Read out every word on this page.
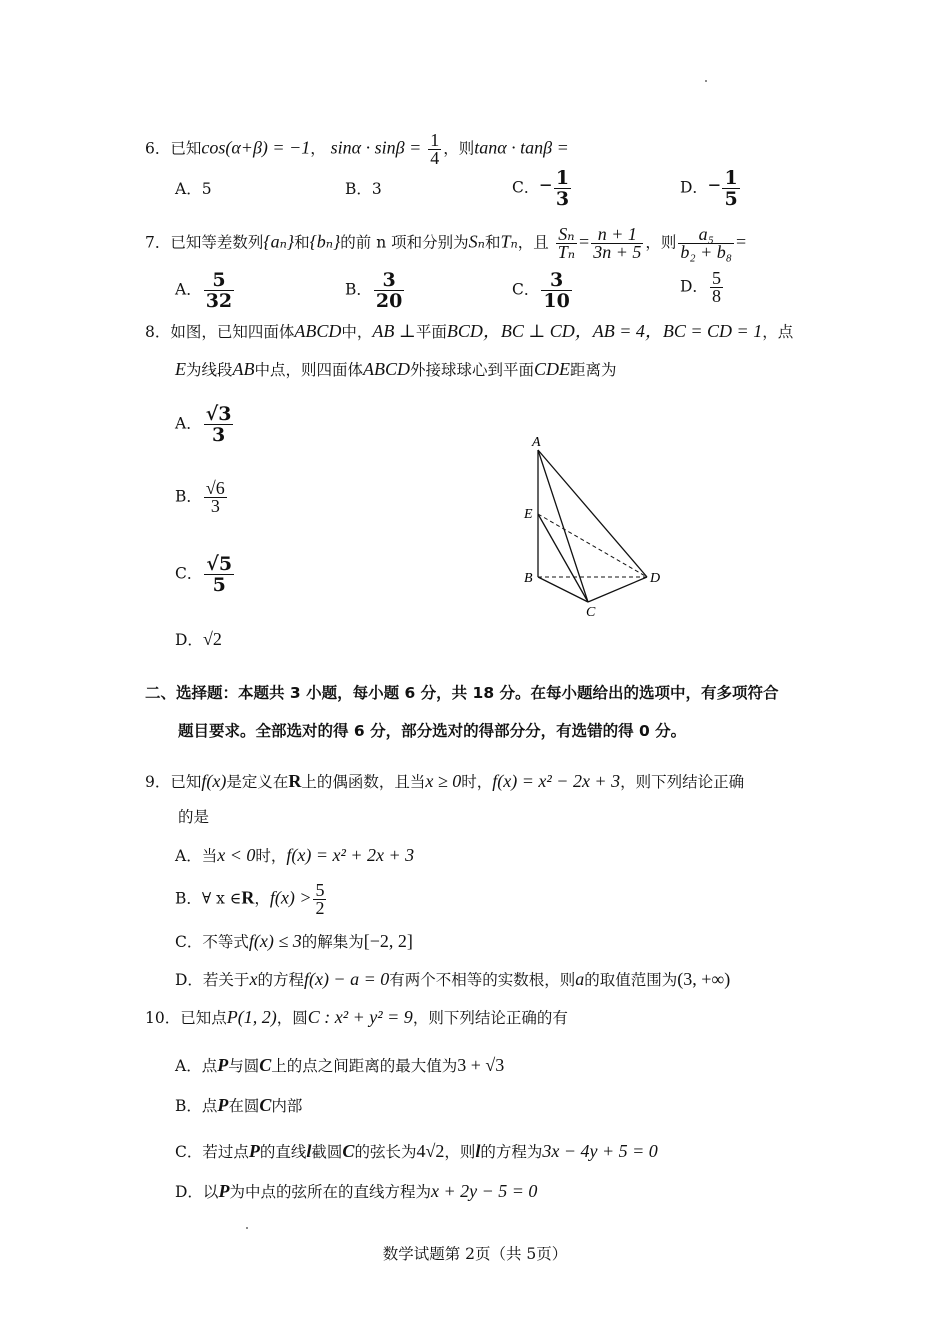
6．已知cos(α+β) = −1， $\sin\alpha \cdot \sin\beta = \frac{1}{4}$ ，则tanα · tanβ =
A．5	B．3	C．− $\frac{1}{3}$	D．− $\frac{1}{5}$
7．已知等差数列{aₙ}和{bₙ}的前 n 项和分别为Sₙ和Tₙ，且 $\frac{\text{Sₙ}}{\text{Tₙ}} = \frac{n + 1}{3n + 5}$ ，则 $\frac{\text{a₅}}{\text{b₂ + b₈}}$ =
A． $\frac{5}{32}$	B． $\frac{3}{20}$	C． $\frac{3}{10}$	D． $\frac{5}{8}$
8．如图，已知四面体ABCD中，AB ⊥平面BCD，BC ⊥ CD，AB = 4，BC = CD = 1，点
E为线段AB中点，则四面体ABCD外接球球心到平面CDE距离为
A． $\frac{√3}{3}$
B． $\frac{√6}{3}$
C． $\frac{√5}{5}$
D．√2
A
E
B
C
D
二、选择题：本题共 3 小题，每小题 6 分，共 18 分。在每小题给出的选项中，有多项符合
题目要求。全部选对的得 6 分，部分选对的得部分分，有选错的得 0 分。
9．已知f(x)是定义在R上的偶函数，且当x ≥ 0时，f(x) = x² − 2x + 3，则下列结论正确
的是
A．当x < 0时，f(x) = x² + 2x + 3
B．∀ x ∈R，$f(x) > \frac{5}{2}$
C．不等式f(x) ≤ 3的解集为[−2, 2]
D．若关于x的方程f(x) − a = 0有两个不相等的实数根，则a的取值范围为(3, +∞)
10．已知点P(1, 2)，圆C : x² + y² = 9，则下列结论正确的有
A．点P与圆C上的点之间距离的最大值为3 + √3
B．点P在圆C内部
C．若过点P的直线l截圆C的弦长为4√2，则l的方程为3x − 4y + 5 = 0
D．以P为中点的弦所在的直线方程为x + 2y − 5 = 0
数学试题第 2页（共 5页）
